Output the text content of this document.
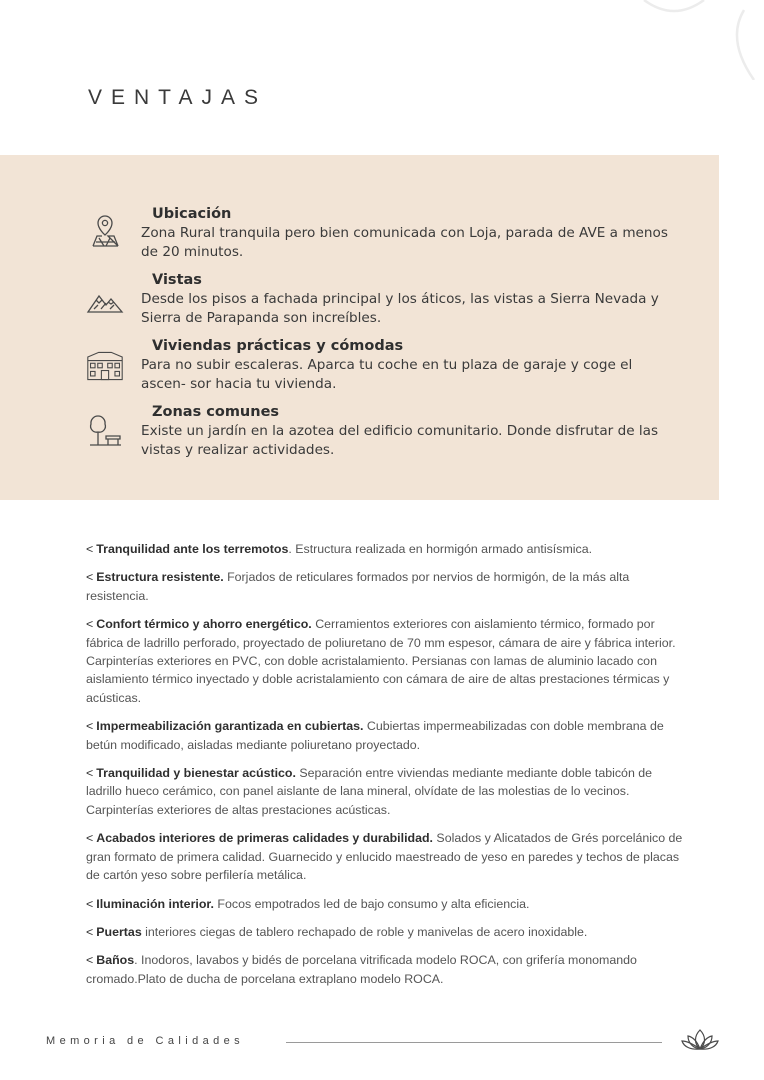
VENTAJAS
Ubicación
Zona Rural tranquila pero bien comunicada con Loja, parada de AVE a menos de 20 minutos.
Vistas
Desde los pisos a fachada principal y los áticos, las vistas a Sierra Nevada y Sierra de Parapanda son increíbles.
Viviendas prácticas y cómodas
Para no subir escaleras. Aparca tu coche en tu plaza de garaje y coge el ascen- sor hacia tu vivienda.
Zonas comunes
Existe un jardín en la azotea del edificio comunitario. Donde disfrutar de las vistas y realizar actividades.
< Tranquilidad ante los terremotos. Estructura realizada en hormigón armado antisísmica.
< Estructura resistente. Forjados de reticulares formados por nervios de hormigón, de la más alta resistencia.
< Confort térmico y ahorro energético. Cerramientos exteriores con aislamiento térmico, formado por fábrica de ladrillo perforado, proyectado de poliuretano de 70 mm espesor, cámara de aire y fábrica interior. Carpinterías exteriores en PVC, con doble acristalamiento. Persianas con lamas de aluminio lacado con aislamiento térmico inyectado y doble acristalamiento con cámara de aire de altas prestaciones térmicas y acústicas.
< Impermeabilización garantizada en cubiertas. Cubiertas impermeabilizadas con doble membrana de betún modificado, aisladas mediante poliuretano proyectado.
< Tranquilidad y bienestar acústico. Separación entre viviendas mediante mediante doble tabicón de ladrillo hueco cerámico, con panel aislante de lana mineral, olvídate de las molestias de lo vecinos. Carpinterías exteriores de altas prestaciones acústicas.
< Acabados interiores de primeras calidades y durabilidad. Solados y Alicatados de Grés porcelánico de gran formato de primera calidad. Guarnecido y enlucido maestreado de yeso en paredes y techos de placas de cartón yeso sobre perfilería metálica.
< Iluminación interior. Focos empotrados led de bajo consumo y alta eficiencia.
< Puertas interiores ciegas de tablero rechapado de roble y manivelas de acero inoxidable.
< Baños. Inodoros, lavabos y bidés de porcelana vitrificada modelo ROCA, con grifería monomando cromado.Plato de ducha de porcelana extraplano modelo ROCA.
Memoria de Calidades
